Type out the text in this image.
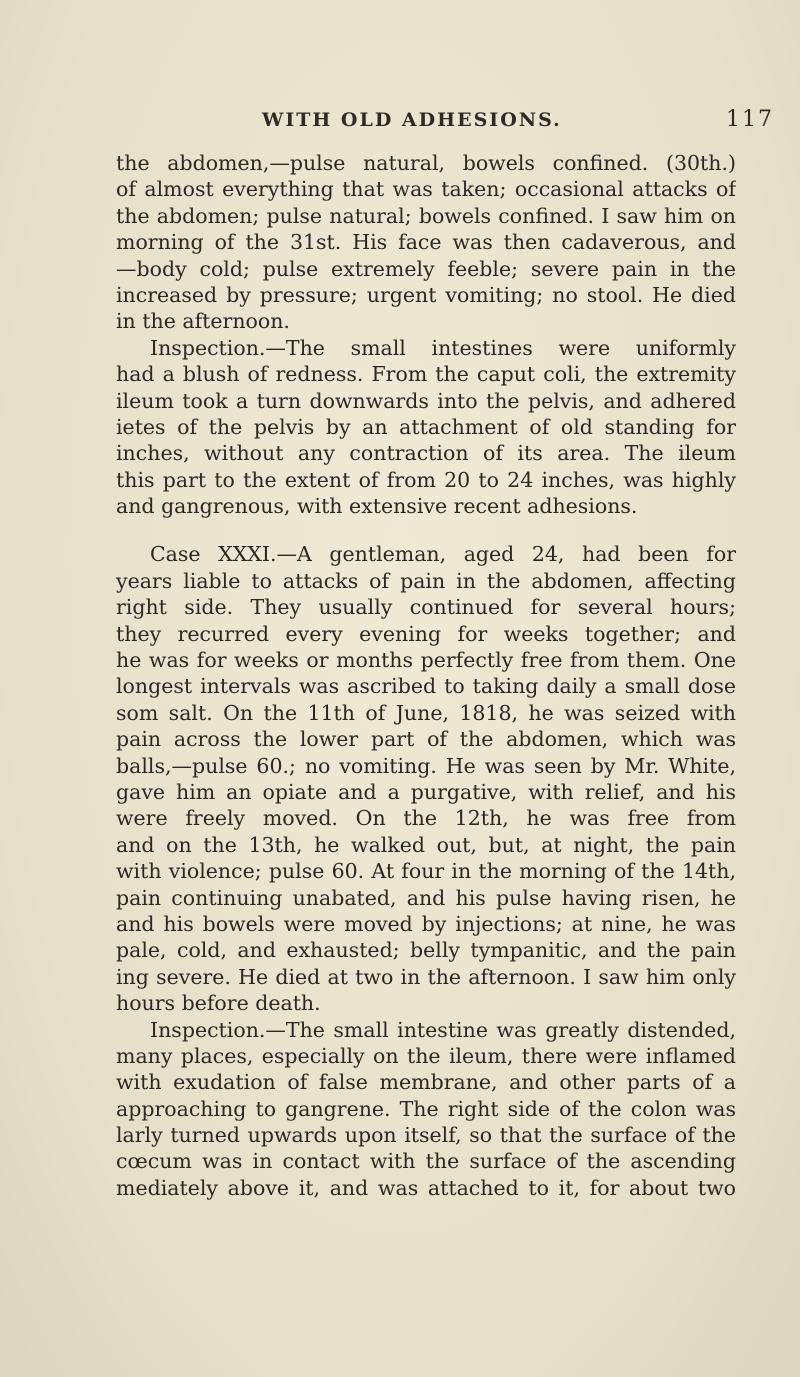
WITH OLD ADHESIONS.	117
the abdomen,—pulse natural, bowels confined. (30th.)
of almost everything that was taken; occasional attacks of
the abdomen; pulse natural; bowels confined. I saw him on
morning of the 31st. His face was then cadaverous, and
—body cold; pulse extremely feeble; severe pain in the
increased by pressure; urgent vomiting; no stool. He died
in the afternoon.
Inspection.—The small intestines were uniformly
had a blush of redness. From the caput coli, the extremity
ileum took a turn downwards into the pelvis, and adhered
ietes of the pelvis by an attachment of old standing for
inches, without any contraction of its area. The ileum
this part to the extent of from 20 to 24 inches, was highly
and gangrenous, with extensive recent adhesions.
Case XXXI.—A gentleman, aged 24, had been for
years liable to attacks of pain in the abdomen, affecting
right side. They usually continued for several hours;
they recurred every evening for weeks together; and
he was for weeks or months perfectly free from them. One
longest intervals was ascribed to taking daily a small dose
som salt. On the 11th of June, 1818, he was seized with
pain across the lower part of the abdomen, which was
balls,—pulse 60.; no vomiting. He was seen by Mr. White,
gave him an opiate and a purgative, with relief, and his
were freely moved. On the 12th, he was free from
and on the 13th, he walked out, but, at night, the pain
with violence; pulse 60. At four in the morning of the 14th,
pain continuing unabated, and his pulse having risen, he
and his bowels were moved by injections; at nine, he was
pale, cold, and exhausted; belly tympanitic, and the pain
ing severe. He died at two in the afternoon. I saw him only
hours before death.
Inspection.—The small intestine was greatly distended,
many places, especially on the ileum, there were inflamed
with exudation of false membrane, and other parts of a
approaching to gangrene. The right side of the colon was
larly turned upwards upon itself, so that the surface of the
cœcum was in contact with the surface of the ascending
mediately above it, and was attached to it, for about two
